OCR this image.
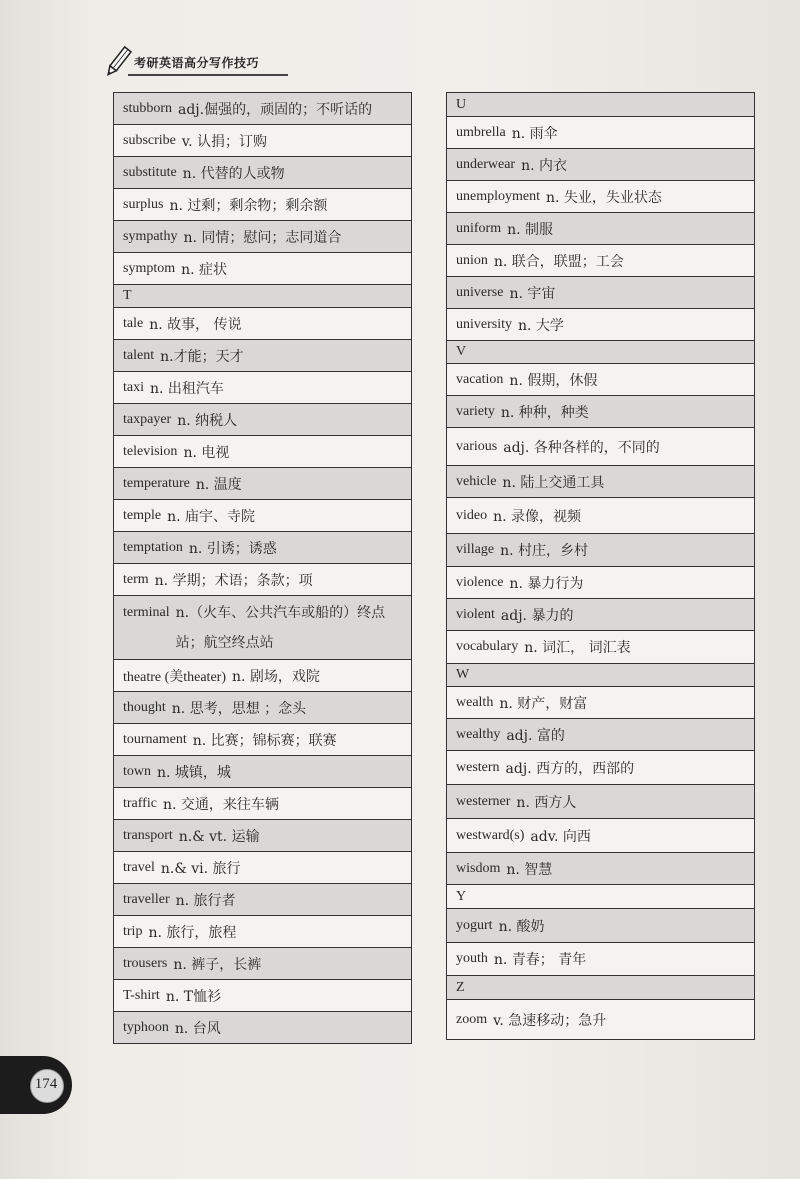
考研英语高分写作技巧
stubborn adj.倔强的，顽固的；不听话的
subscribe v. 认捐；订购
substitute n. 代替的人或物
surplus n. 过剩；剩余物；剩余额
sympathy n. 同情；慰问；志同道合
symptom n. 症状
T
tale n. 故事， 传说
talent n.才能；天才
taxi n. 出租汽车
taxpayer n. 纳税人
television n. 电视
temperature n. 温度
temple n. 庙宇、寺院
temptation n. 引诱；诱惑
term n. 学期；术语；条款；项
terminal n.（火车、公共汽车或船的）终点站；航空终点站
theatre (美theater) n. 剧场，戏院
thought n. 思考，思想 ；念头
tournament n. 比赛；锦标赛；联赛
town n. 城镇，城
traffic n. 交通，来往车辆
transport n.& vt. 运输
travel n.& vi. 旅行
traveller n. 旅行者
trip n. 旅行，旅程
trousers n. 裤子，长裤
T-shirt n. T恤衫
typhoon n. 台风
U
umbrella n. 雨伞
underwear n. 内衣
unemployment n. 失业，失业状态
uniform n. 制服
union n. 联合，联盟；工会
universe n. 宇宙
university n. 大学
V
vacation n. 假期，休假
variety n. 种种，种类
various adj. 各种各样的，不同的
vehicle n. 陆上交通工具
video n. 录像，视频
village n. 村庄，乡村
violence n. 暴力行为
violent adj. 暴力的
vocabulary n. 词汇， 词汇表
W
wealth n. 财产，财富
wealthy adj. 富的
western adj. 西方的，西部的
westerner n. 西方人
westward(s) adv. 向西
wisdom n. 智慧
Y
yogurt n. 酸奶
youth n. 青春； 青年
Z
zoom v. 急速移动；急升
174
